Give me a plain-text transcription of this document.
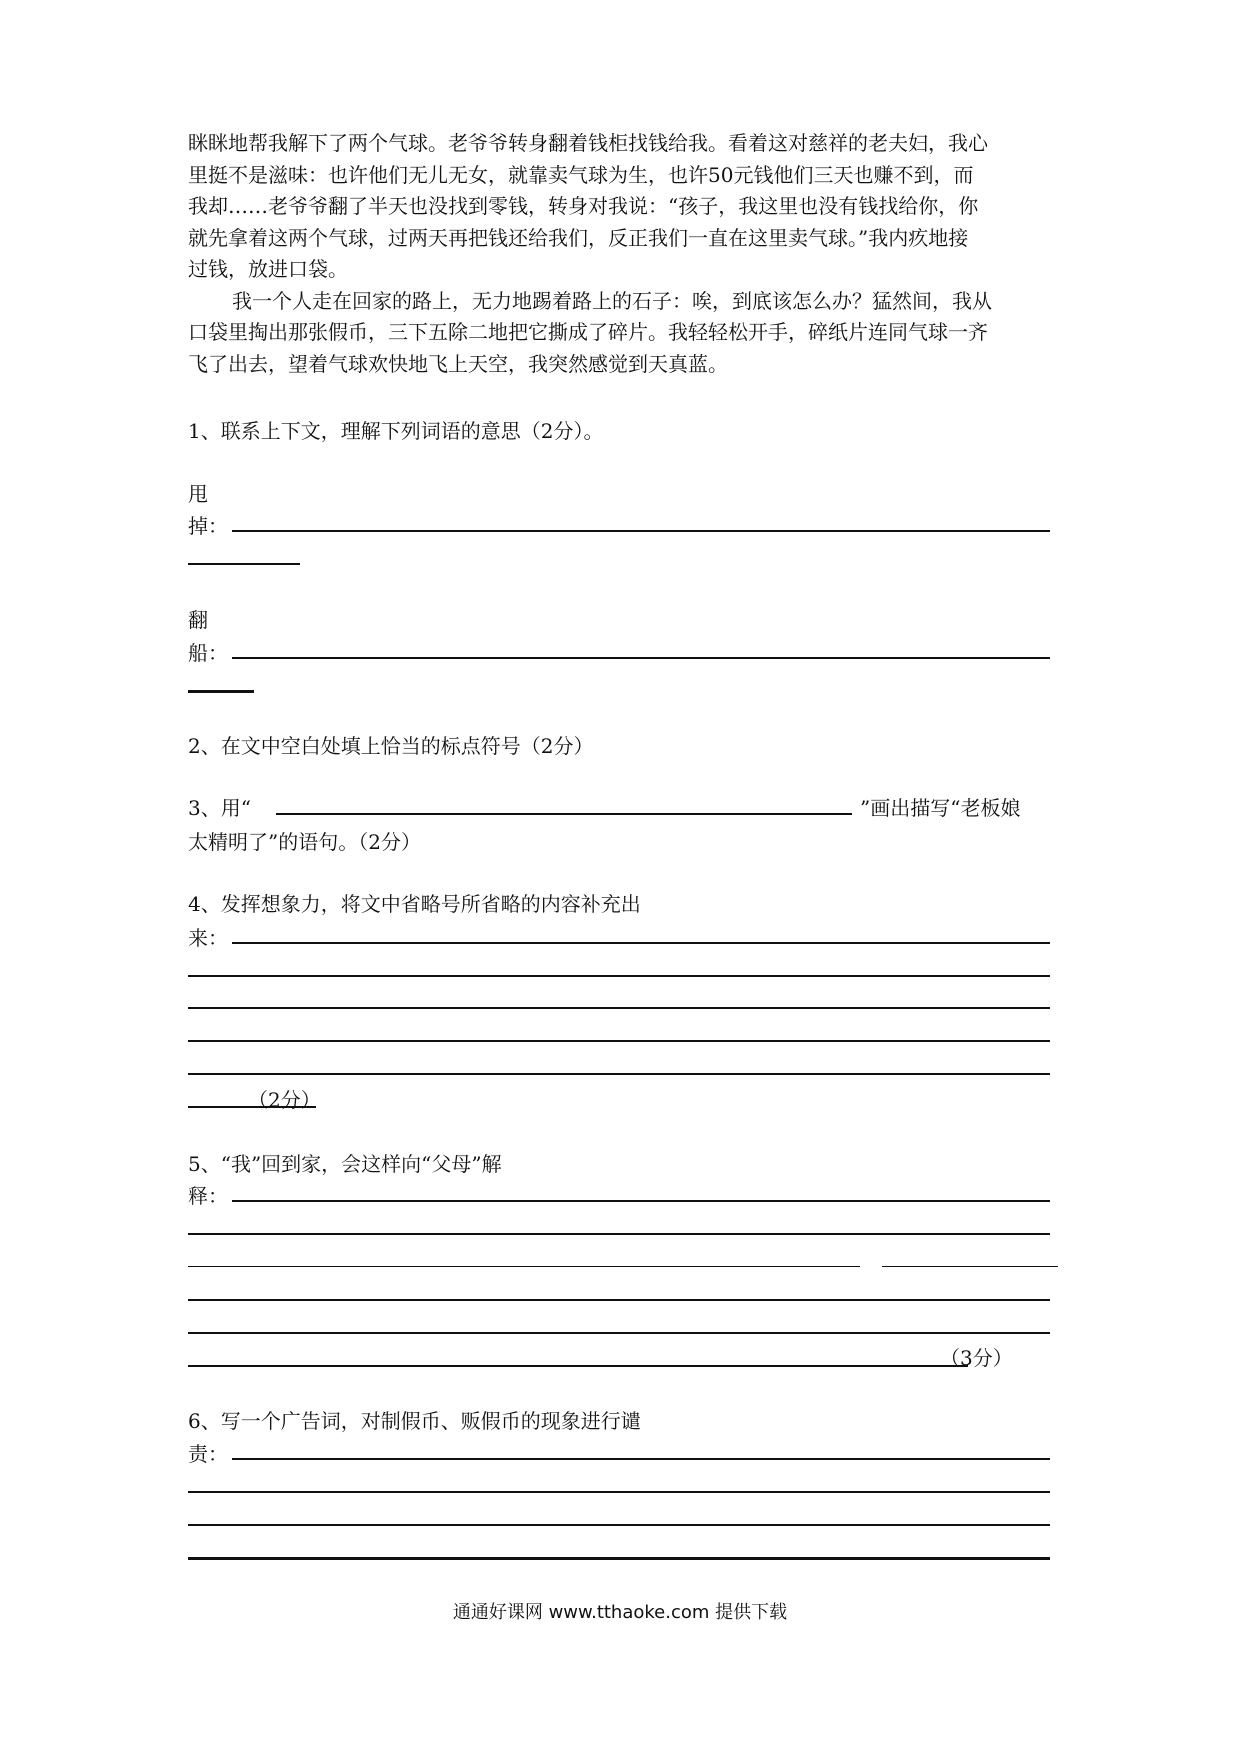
眯眯地帮我解下了两个气球。老爷爷转身翻着钱柜找钱给我。看着这对慈祥的老夫妇，我心
里挺不是滋味：也许他们无儿无女，就靠卖气球为生，也许50元钱他们三天也赚不到，而
我却……老爷爷翻了半天也没找到零钱，转身对我说：“孩子，我这里也没有钱找给你，你
就先拿着这两个气球，过两天再把钱还给我们，反正我们一直在这里卖气球。”我内疚地接
过钱，放进口袋。
我一个人走在回家的路上，无力地踢着路上的石子：唉，到底该怎么办？猛然间，我从
口袋里掏出那张假币，三下五除二地把它撕成了碎片。我轻轻松开手，碎纸片连同气球一齐
飞了出去，望着气球欢快地飞上天空，我突然感觉到天真蓝。
1、联系上下文，理解下列词语的意思（2分）。
甩
掉：
翻
船：
2、在文中空白处填上恰当的标点符号（2分）
3、用“	”画出描写“老板娘
太精明了”的语句。（2分）
4、发挥想象力，将文中省略号所省略的内容补充出
来：
（2分）
5、“我”回到家，会这样向“父母”解
释：
（3分）
6、写一个广告词，对制假币、贩假币的现象进行谴
责：
通通好课网 www.tthaoke.com 提供下载
